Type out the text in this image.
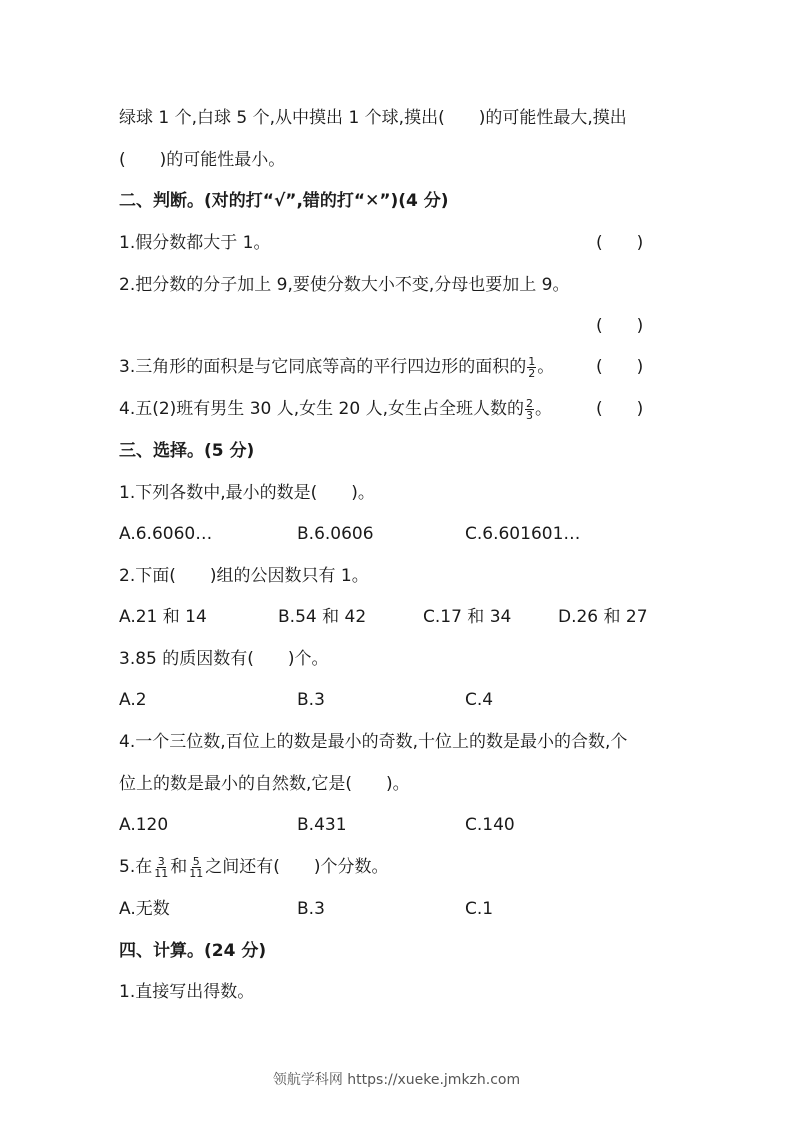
绿球 1 个,白球 5 个,从中摸出 1 个球,摸出(　　)的可能性最大,摸出
(　　)的可能性最小。
二、判断。(对的打“√”,错的打“✕”)(4 分)
1.假分数都大于 1。	(　　)
2.把分数的分子加上 9,要使分数大小不变,分母也要加上 9。
(　　)
3.三角形的面积是与它同底等高的平行四边形的面积的 $\frac{1}{2}$ 。 (　　)
4.五(2)班有男生 30 人,女生 20 人,女生占全班人数的 $\frac{2}{3}$ 。	(　　)
三、选择。(5 分)
1.下列各数中,最小的数是(　　)。
A.6.6060…	B.6.0606	C.6.601601…
2.下面(　　)组的公因数只有 1。
A.21 和 14	B.54 和 42	C.17 和 34	D.26 和 27
3.85 的质因数有(　　)个。
A.2	B.3	C.4
4.一个三位数,百位上的数是最小的奇数,十位上的数是最小的合数,个
位上的数是最小的自然数,它是(　　)。
A.120	B.431	C.140
5.在 $\frac{3}{11}$ 和 $\frac{5}{11}$ 之间还有(　　)个分数。
A.无数	B.3	C.1
四、计算。(24 分)
1.直接写出得数。
领航学科网 https://xueke.jmkzh.com
